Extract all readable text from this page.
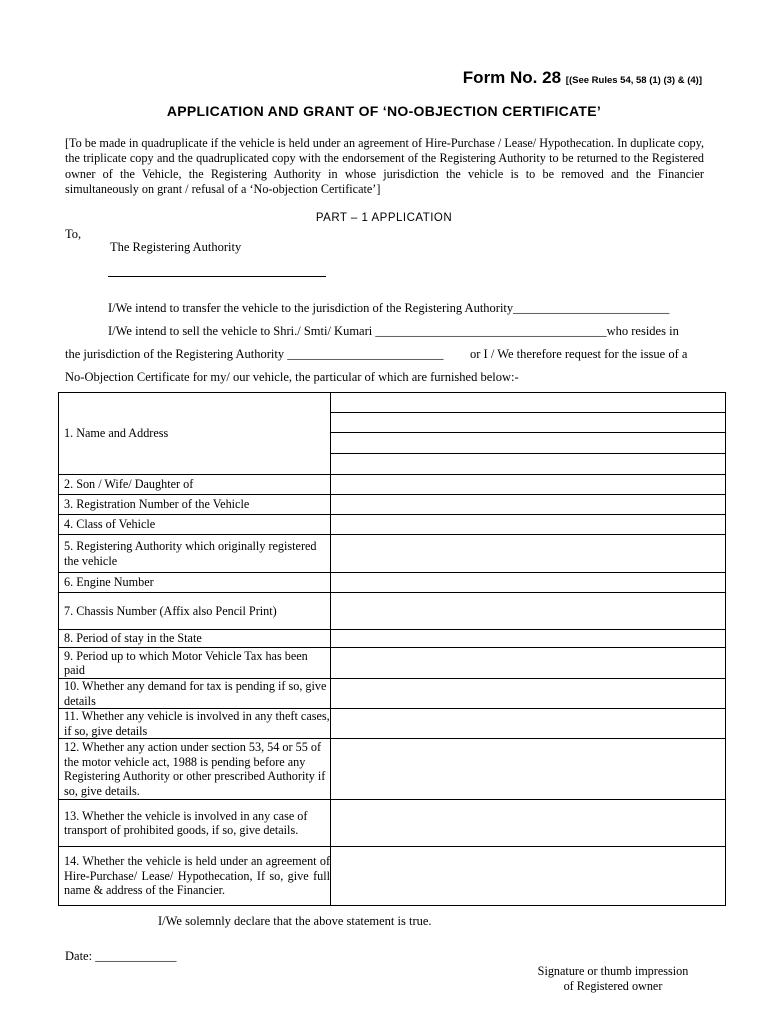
Form No. 28 [(See Rules 54, 58 (1) (3) & (4)]
APPLICATION AND GRANT OF ‘NO-OBJECTION CERTIFICATE’
[To be made in quadruplicate if the vehicle is held under an agreement of Hire-Purchase / Lease/ Hypothecation. In duplicate copy, the triplicate copy and the quadruplicated copy with the endorsement of the Registering Authority to be returned to the Registered owner of the Vehicle, the Registering Authority in whose jurisdiction the vehicle is to be removed and the Financier simultaneously on grant / refusal of a ‘No-objection Certificate’]
PART – 1 APPLICATION
To,
The Registering Authority
I/We intend to transfer the vehicle to the jurisdiction of the Registering Authority_________________________
I/We intend to sell the vehicle to Shri./ Smti/ Kumari _____________________________________who resides in
the jurisdiction of the Registering Authority _________________________ or I / We therefore request for the issue of a
No-Objection Certificate for my/ our vehicle, the particular of which are furnished below:-
1. Name and Address	

2. Son / Wife/ Daughter of	
3. Registration Number of the Vehicle	
4. Class of Vehicle	
5. Registering Authority which originally registered the vehicle	
6. Engine Number	
7. Chassis Number (Affix also Pencil Print)	
8. Period of stay in the State	
9. Period up to which Motor Vehicle Tax has been paid	
10. Whether any demand for tax is pending if so, give details	
11. Whether any vehicle is involved in any theft cases, if so, give details	
12. Whether any action under section 53, 54 or 55 of the motor vehicle act, 1988 is pending before any Registering Authority or other prescribed Authority if so, give details.	
13. Whether the vehicle is involved in any case of transport of prohibited goods, if so, give details.	
14. Whether the vehicle is held under an agreement of Hire-Purchase/ Lease/ Hypothecation, If so, give full name & address of the Financier.	
I/We solemnly declare that the above statement is true.
Date: _____________
Signature or thumb impression
of Registered owner
